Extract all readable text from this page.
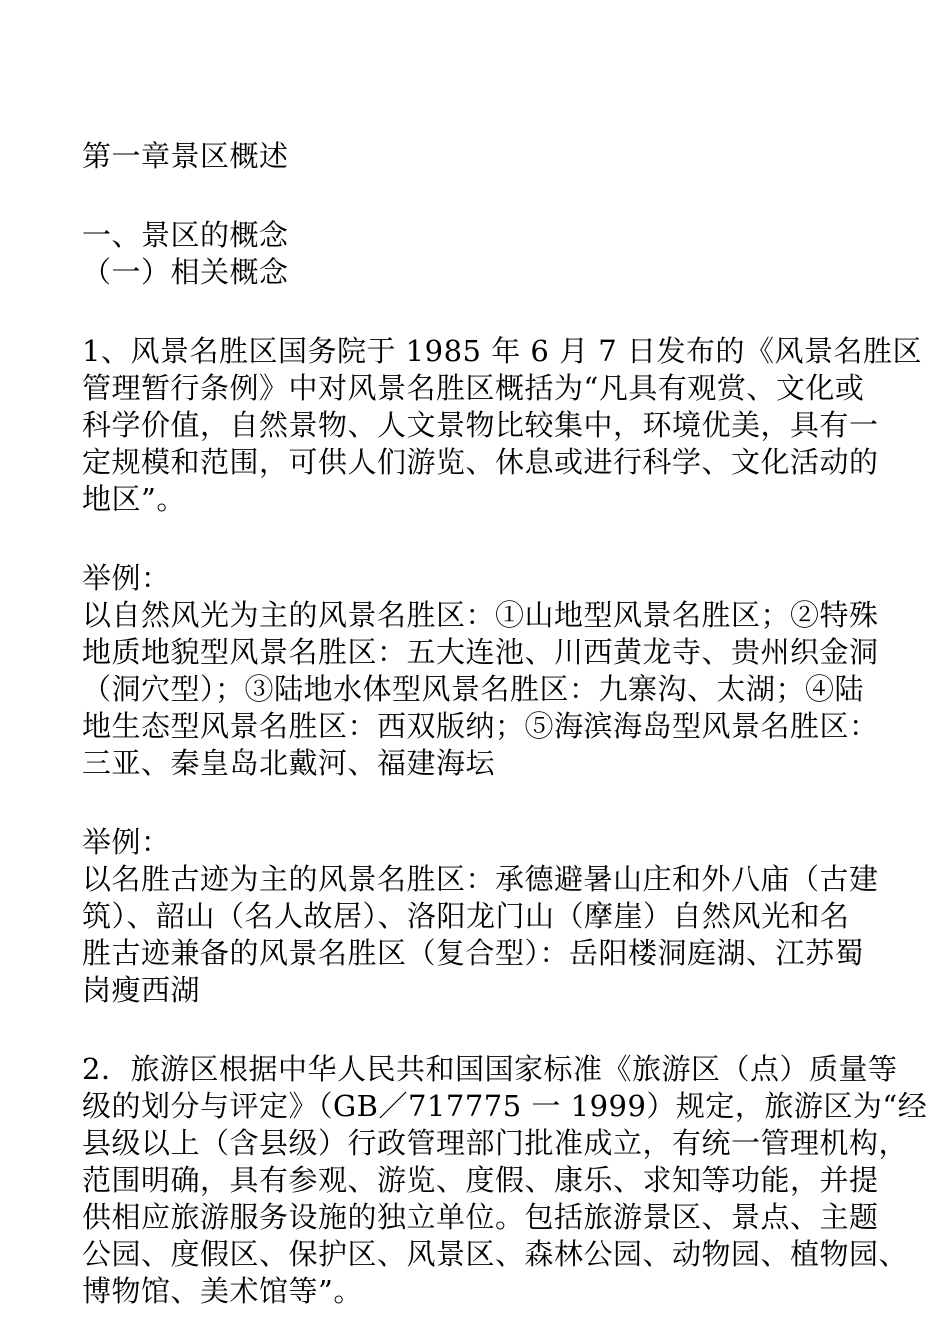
第一章景区概述
一、景区的概念
（一）相关概念
1、风景名胜区国务院于 1985 年 6 月 7 日发布的《风景名胜区
管理暂行条例》中对风景名胜区概括为“凡具有观赏、文化或
科学价值，自然景物、人文景物比较集中，环境优美，具有一
定规模和范围，可供人们游览、休息或进行科学、文化活动的
地区”。
举例：
以自然风光为主的风景名胜区：①山地型风景名胜区；②特殊
地质地貌型风景名胜区：五大连池、川西黄龙寺、贵州织金洞
（洞穴型）；③陆地水体型风景名胜区：九寨沟、太湖；④陆
地生态型风景名胜区：西双版纳；⑤海滨海岛型风景名胜区：
三亚、秦皇岛北戴河、福建海坛
举例：
以名胜古迹为主的风景名胜区：承德避暑山庄和外八庙（古建
筑）、韶山（名人故居）、洛阳龙门山（摩崖）自然风光和名
胜古迹兼备的风景名胜区（复合型）：岳阳楼洞庭湖、江苏蜀
岗瘦西湖
2．旅游区根据中华人民共和国国家标准《旅游区（点）质量等
级的划分与评定》（GB／717775 一 1999）规定，旅游区为“经
县级以上（含县级）行政管理部门批准成立，有统一管理机构，
范围明确，具有参观、游览、度假、康乐、求知等功能，并提
供相应旅游服务设施的独立单位。包括旅游景区、景点、主题
公园、度假区、保护区、风景区、森林公园、动物园、植物园、
博物馆、美术馆等”。
